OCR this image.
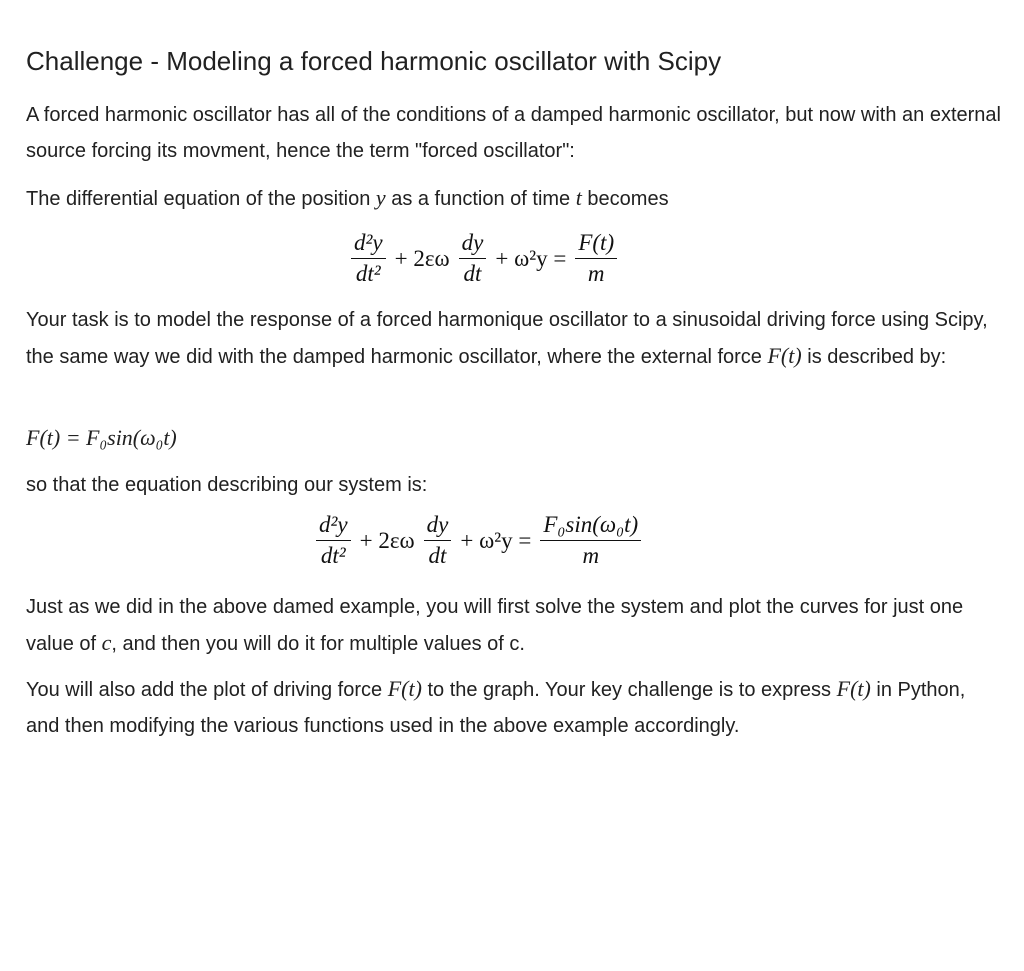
Challenge - Modeling a forced harmonic oscillator with Scipy

A forced harmonic oscillator has all of the conditions of a damped harmonic oscillator, but now with an external source forcing its movment, hence the term "forced oscillator":

The differential equation of the position y as a function of time t becomes

$\frac{\text{d²y}}{\text{dt²}} + 2\varepsilon\omega \frac{dy}{dt} + \omega^2y = \frac{F(t)}{m}$

Your task is to model the response of a forced harmonique oscillator to a sinusoidal driving force using Scipy, the same way we did with the damped harmonic oscillator, where the external force F(t) is described by:

F(t) = F₀sin(ω₀t)

so that the equation describing our system is:

$\frac{\text{d²y}}{\text{dt²}} + 2\varepsilon\omega \frac{dy}{dt} + \omega^2y = \frac{\text{F₀sin(ω₀t)}}{m}$

Just as we did in the above damed example, you will first solve the system and plot the curves for just one value of c, and then you will do it for multiple values of c.

You will also add the plot of driving force F(t) to the graph. Your key challenge is to express F(t) in Python, and then modifying the various functions used in the above example accordingly.
